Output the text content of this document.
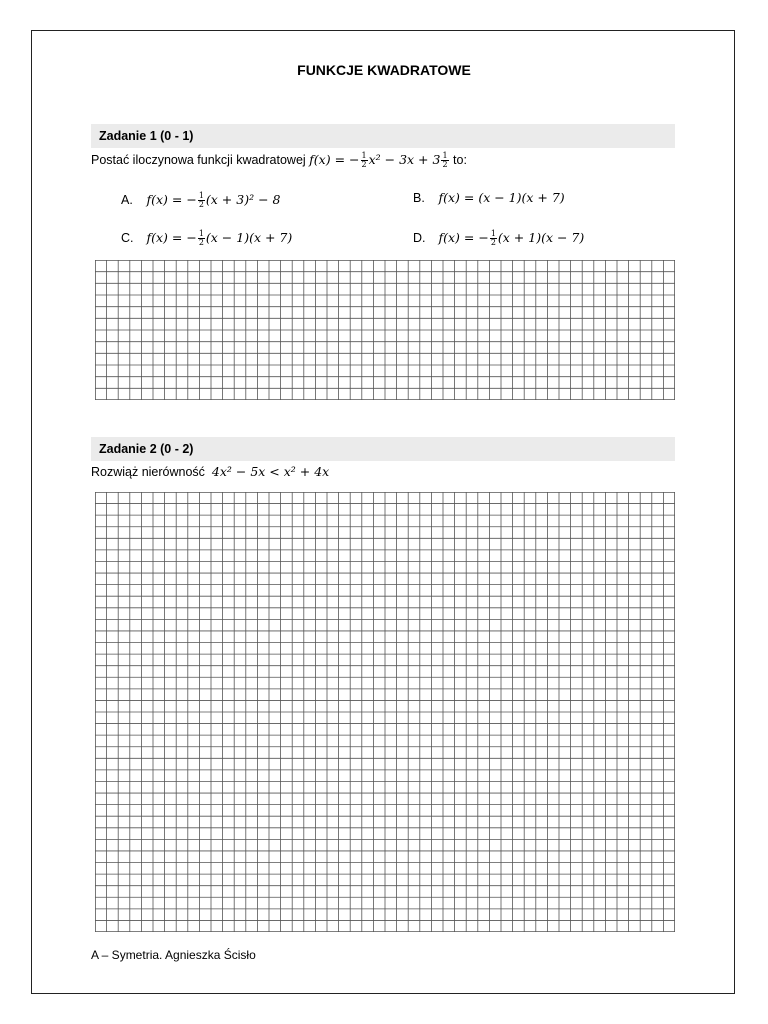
FUNKCJE KWADRATOWE
Zadanie 1 (0 - 1)
Postać iloczynowa funkcji kwadratowej f(x) = − $\frac{1}{2} x^2 - 3x + 3 \frac{1}{2}$ to:
A. f(x) = − $\frac{1}{2} (x + 3)^2 - 8$	B. f(x) = (x − 1)(x + 7)
C. f(x) = − $\frac{1}{2} (x - 1)(x + 7)$	D. f(x) = − $\frac{1}{2} (x + 1)(x - 7)$
Zadanie 2 (0 - 2)
Rozwiąż nierówność 4x² − 5x < x² + 4x
A – Symetria. Agnieszka Ścisło
